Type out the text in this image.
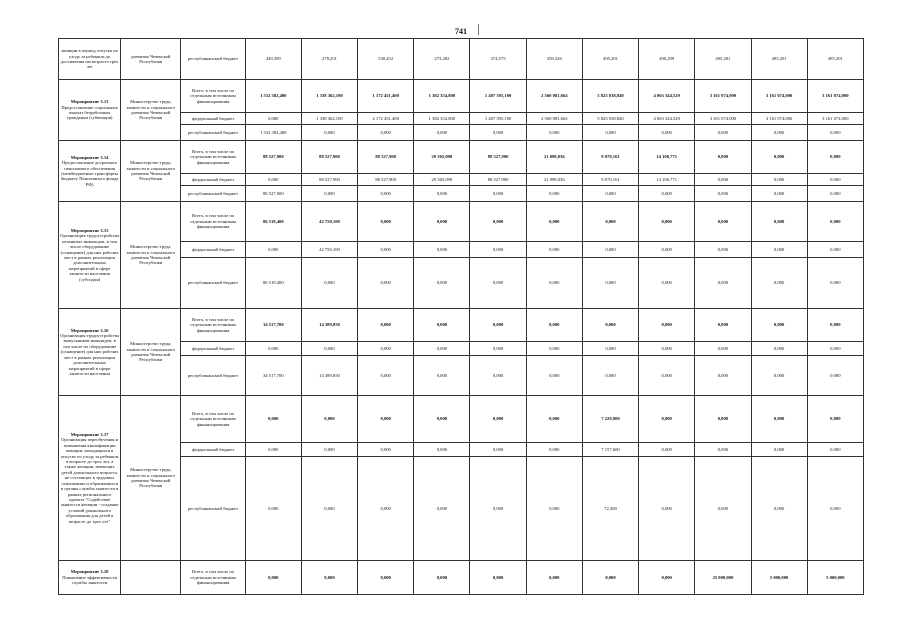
741
женщин в период отпуска по уходу за ребенком до достижения им возраста трех лет	развития Чеченской Республики	республиканский бюджет	449,399	278,251	530,452	273,282	374,575	358,326	495,201	490,299	495,201	495,201	495,201

Мероприятие 3.13
Предоставление социальных выплат безработным гражданам (субвенция)	Министерство труда, занятости и социального развития Чеченской Республики	Всего, в том числе по отдельным источникам финансирования	1 532 382,400	1 338 362,100	1 172 451,400	1 382 354,800	1 407 395,100	2 560 081,664	5 825 038,840	4 063 344,529	3 161 074,000	3 161 074,000	3 161 074,000
		федеральный бюджет	0,000	1 338 362,100	2 172 451,400	1 382 354,800	1 407 395,100	2 560 081,664	5 825 038,840	4 063 344,529	3 161 074,000	3 161 074,000	3 161 074,000
		республиканский бюджет	1 532 382,400	0,000	0,000	0,000	0,000	0,000	0,000	0,000	0,000	0,000	0,000

Мероприятие 3.14
Предоставление досрочного пенсионного обеспечения (межбюджетные трансферты бюджету Пенсионного фонда РФ)	Министерство труда, занятости и социального развития Чеченской Республики	Всего, в том числе по отдельным источникам финансирования	88 527,900	88 527,900	88 527,900	29 365,090	88 527,900	21 098,036	9 070,161	14 106,771	0,000	0,000	0,000
		федеральный бюджет	0,000	88 527,900	88 527,900	29 365,090	88 527,900	21 098,036	9 070,161	14 106,771	0,000	0,000	0,000
		республиканский бюджет	88 527,900	0,000	0,000	0,000	0,000	0,000	0,000	0,000	0,000	0,000	0,000

Мероприятие 3.15
Организация трудоустройства незанятых инвалидов, в том числе оборудование (оснащение) для них рабочих мест в рамках реализации дополнительных мероприятий в сфере занятости населения (субсидия)	Министерство труда, занятости и социального развития Чеченской Республики	Всего, в том числе по отдельным источникам финансирования	86 519,400	42 750,100	0,000	0,000	0,000	0,000	0,000	0,000	0,000	0,000	0,000
		федеральный бюджет	0,000	42 750,100	0,000	0,000	0,000	0,000	0,000	0,000	0,000	0,000	0,000
		республиканский бюджет	86 519,400	0,000	0,000	0,000	0,000	0,000	0,000	0,000	0,000	0,000	0,000

Мероприятие 3.16
Организация трудоустройства выпускников-инвалидов, в том числе их оборудование (оснащение) для них рабочих мест в рамках реализации дополнительных мероприятий в сфере занятости населения	Министерство труда, занятости и социального развития Чеченской Республики	Всего, в том числе по отдельным источникам финансирования	34 517,700	14 389,850	0,000	0,000	0,000	0,000	0,000	0,000	0,000	0,000	0,000
		федеральный бюджет	0,000	0,000	0,000	0,000	0,000	0,000	0,000	0,000	0,000	0,000	0,000
		республиканский бюджет	34 517,700	14 389,850	0,000	0,000	0,000	0,000	0,000	0,000	0,000	0,000	0,000

Мероприятие 3.17
Организация переобучения и повышения квалификации женщин, находящихся в отпуске по уходу за ребенком в возрасте до трех лет, а также женщин, имеющих детей дошкольного возраста, не состоящих в трудовых отношениях и обратившихся в органы службы занятости в рамках регионального проекта "Содействие занятости женщин - создание условий дошкольного образования для детей в возрасте до трех лет"	Министерство труда, занятости и социального развития Чеченской Республики	Всего, в том числе по отдельным источникам финансирования	0,000	0,000	0,000	0,000	0,000	0,000	7 229,900	0,000	0,000	0,000	0,000
		федеральный бюджет	0,000	0,000	0,000	0,000	0,000	0,000	7 157,600	0,000	0,000	0,000	0,000
		республиканский бюджет	0,000	0,000	0,000	0,000	0,000	0,000	72,300	0,000	0,000	0,000	0,000

Мероприятие 3.18
Повышение эффективности службы занятости		Всего, в том числе по отдельным источникам финансирования	0,000	0,000	0,000	0,000	0,000	0,000	0,000	0,000	25 000,000	5 000,000	5 000,000
